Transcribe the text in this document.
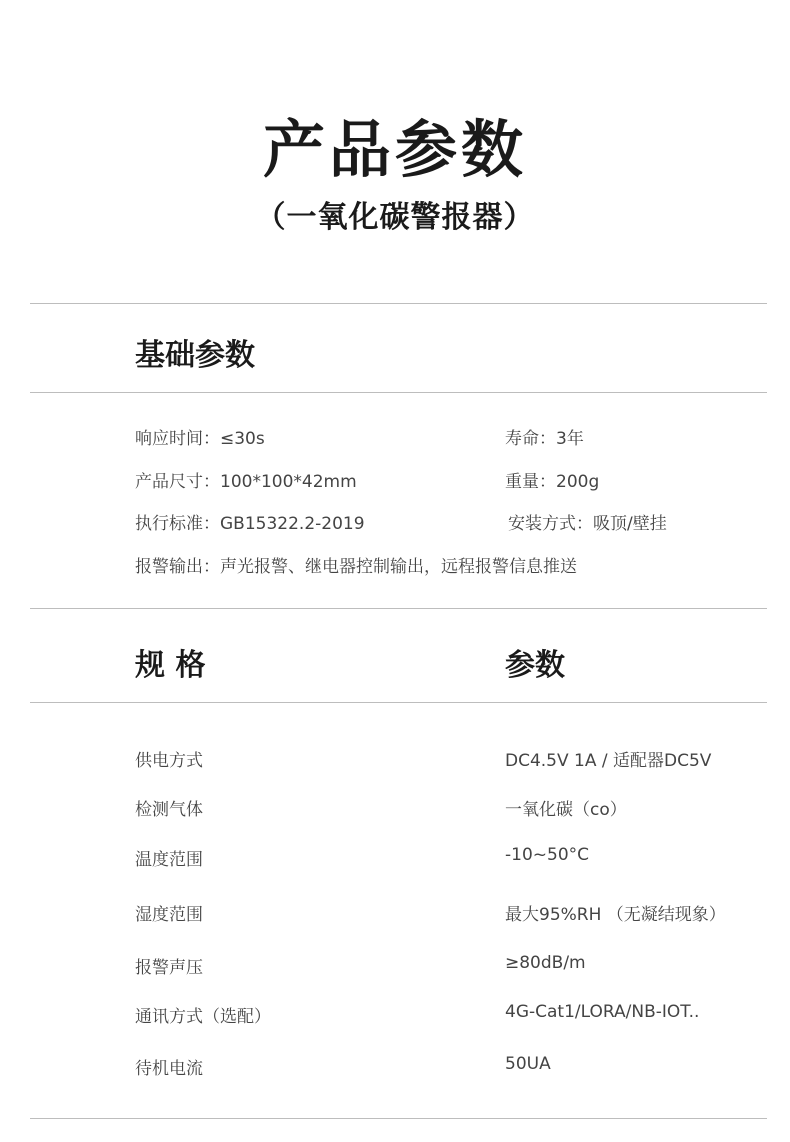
产品参数
（一氧化碳警报器）
基础参数
响应时间：≤30s	寿命：3年
产品尺寸：100*100*42mm	重量：200g
执行标准：GB15322.2-2019	安装方式：吸顶/壁挂
报警输出：声光报警、继电器控制输出，远程报警信息推送
规 格	参数
供电方式	DC4.5V 1A / 适配器DC5V
检测气体	一氧化碳（co）
温度范围	-10~50°C
湿度范围	最大95%RH （无凝结现象）
报警声压	≥80dB/m
通讯方式（选配）	4G-Cat1/LORA/NB-IOT..
待机电流	50UA
